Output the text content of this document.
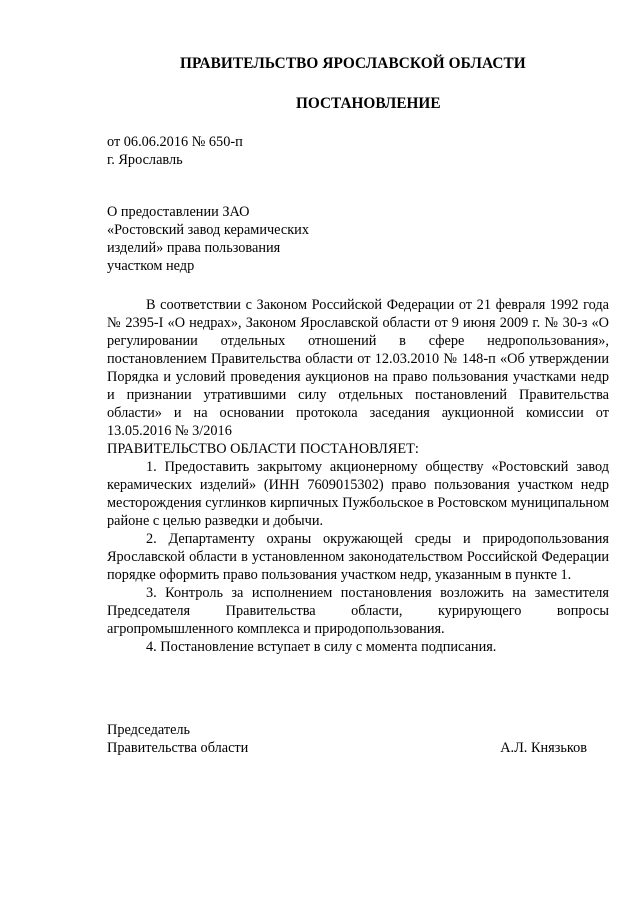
ПРАВИТЕЛЬСТВО ЯРОСЛАВСКОЙ ОБЛАСТИ
ПОСТАНОВЛЕНИЕ
от 06.06.2016 № 650-п
г. Ярославль
О предоставлении ЗАО
«Ростовский завод керамических
изделий» права пользования
участком недр

В соответствии с Законом Российской Федерации от 21 февраля 1992 года № 2395-I «О недрах», Законом Ярославской области от 9 июня 2009 г. № 30-з «О регулировании отдельных отношений в сфере недропользования», постановлением Правительства области от 12.03.2010 № 148-п «Об утверждении Порядка и условий проведения аукционов на право пользования участками недр и признании утратившими силу отдельных постановлений Правительства области» и на основании протокола заседания аукционной комиссии от 13.05.2016 № 3/2016

ПРАВИТЕЛЬСТВО ОБЛАСТИ ПОСТАНОВЛЯЕТ:

1. Предоставить закрытому акционерному обществу «Ростовский завод керамических изделий» (ИНН 7609015302) право пользования участком недр месторождения суглинков кирпичных Пужбольское в Ростовском муниципальном районе с целью разведки и добычи.

2. Департаменту охраны окружающей среды и природопользования Ярославской области в установленном законодательством Российской Федерации порядке оформить право пользования участком недр, указанным в пункте 1.

3. Контроль за исполнением постановления возложить на заместителя Председателя Правительства области, курирующего вопросы агропромышленного комплекса и природопользования.

4. Постановление вступает в силу с момента подписания.

Председатель
Правительства области	А.Л. Князьков
